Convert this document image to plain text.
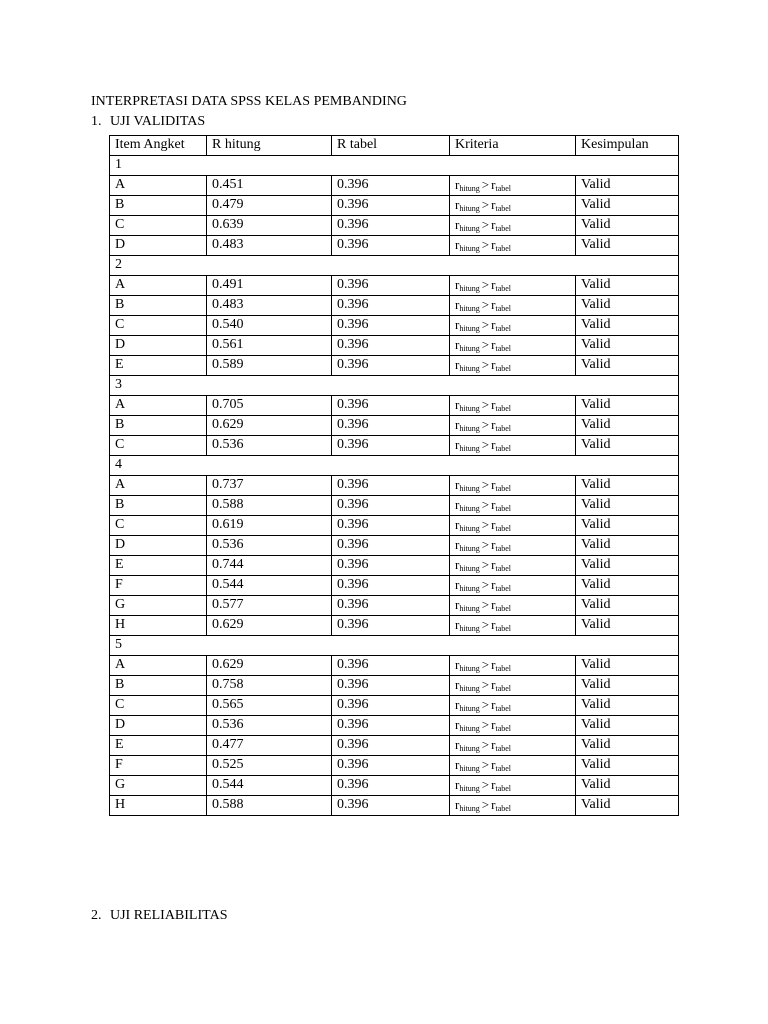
INTERPRETASI DATA SPSS KELAS PEMBANDING
1. UJI VALIDITAS
Item Angket	R hitung	R tabel	Kriteria	Kesimpulan
1				
A	0.451	0.396	$r_{hitung} > r_{tabel}$	Valid
B	0.479	0.396	$r_{hitung} > r_{tabel}$	Valid
C	0.639	0.396	$r_{hitung} > r_{tabel}$	Valid
D	0.483	0.396	$r_{hitung} > r_{tabel}$	Valid
2				
A	0.491	0.396	$r_{hitung} > r_{tabel}$	Valid
B	0.483	0.396	$r_{hitung} > r_{tabel}$	Valid
C	0.540	0.396	$r_{hitung} > r_{tabel}$	Valid
D	0.561	0.396	$r_{hitung} > r_{tabel}$	Valid
E	0.589	0.396	$r_{hitung} > r_{tabel}$	Valid
3				
A	0.705	0.396	$r_{hitung} > r_{tabel}$	Valid
B	0.629	0.396	$r_{hitung} > r_{tabel}$	Valid
C	0.536	0.396	$r_{hitung} > r_{tabel}$	Valid
4				
A	0.737	0.396	$r_{hitung} > r_{tabel}$	Valid
B	0.588	0.396	$r_{hitung} > r_{tabel}$	Valid
C	0.619	0.396	$r_{hitung} > r_{tabel}$	Valid
D	0.536	0.396	$r_{hitung} > r_{tabel}$	Valid
E	0.744	0.396	$r_{hitung} > r_{tabel}$	Valid
F	0.544	0.396	$r_{hitung} > r_{tabel}$	Valid
G	0.577	0.396	$r_{hitung} > r_{tabel}$	Valid
H	0.629	0.396	$r_{hitung} > r_{tabel}$	Valid
5				
A	0.629	0.396	$r_{hitung} > r_{tabel}$	Valid
B	0.758	0.396	$r_{hitung} > r_{tabel}$	Valid
C	0.565	0.396	$r_{hitung} > r_{tabel}$	Valid
D	0.536	0.396	$r_{hitung} > r_{tabel}$	Valid
E	0.477	0.396	$r_{hitung} > r_{tabel}$	Valid
F	0.525	0.396	$r_{hitung} > r_{tabel}$	Valid
G	0.544	0.396	$r_{hitung} > r_{tabel}$	Valid
H	0.588	0.396	$r_{hitung} > r_{tabel}$	Valid
2. UJI RELIABILITAS
